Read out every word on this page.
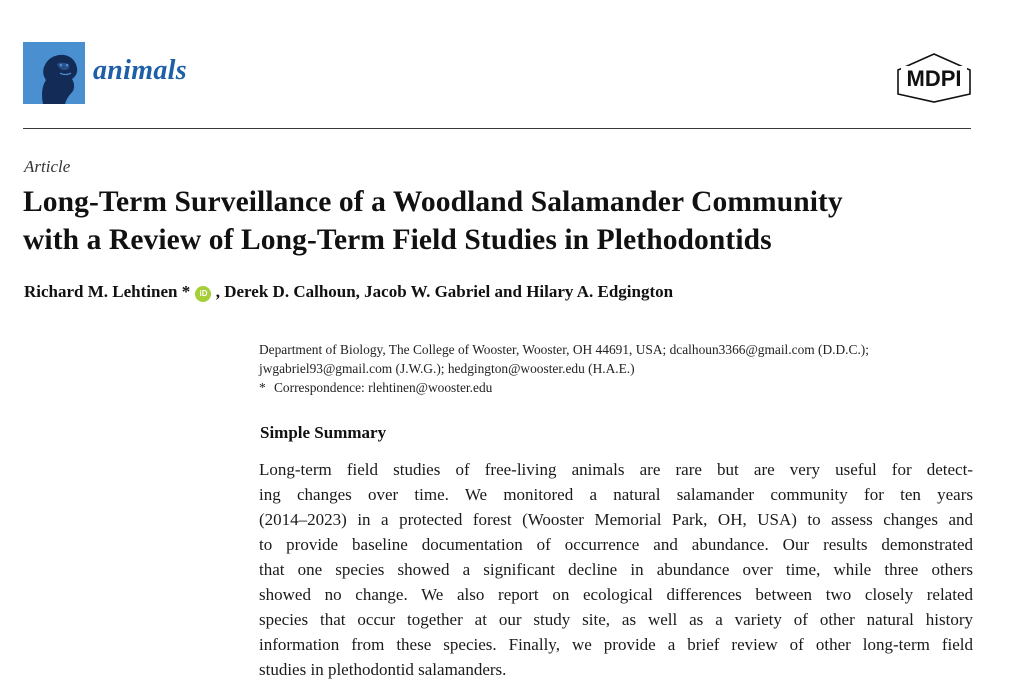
animals	MDPI
Article
Long-Term Surveillance of a Woodland Salamander Community
with a Review of Long-Term Field Studies in Plethodontids
Richard M. Lehtinen * iD , Derek D. Calhoun, Jacob W. Gabriel and Hilary A. Edgington
Department of Biology, The College of Wooster, Wooster, OH 44691, USA; dcalhoun3366@gmail.com (D.D.C.);
jwgabriel93@gmail.com (J.W.G.); hedgington@wooster.edu (H.A.E.)
* Correspondence: rlehtinen@wooster.edu
Simple Summary
Long-term field studies of free-living animals are rare but are very useful for detect-
ing changes over time. We monitored a natural salamander community for ten years
(2014–2023) in a protected forest (Wooster Memorial Park, OH, USA) to assess changes and
to provide baseline documentation of occurrence and abundance. Our results demonstrated
that one species showed a significant decline in abundance over time, while three others
showed no change. We also report on ecological differences between two closely related
species that occur together at our study site, as well as a variety of other natural history
information from these species. Finally, we provide a brief review of other long-term field
studies in plethodontid salamanders.
